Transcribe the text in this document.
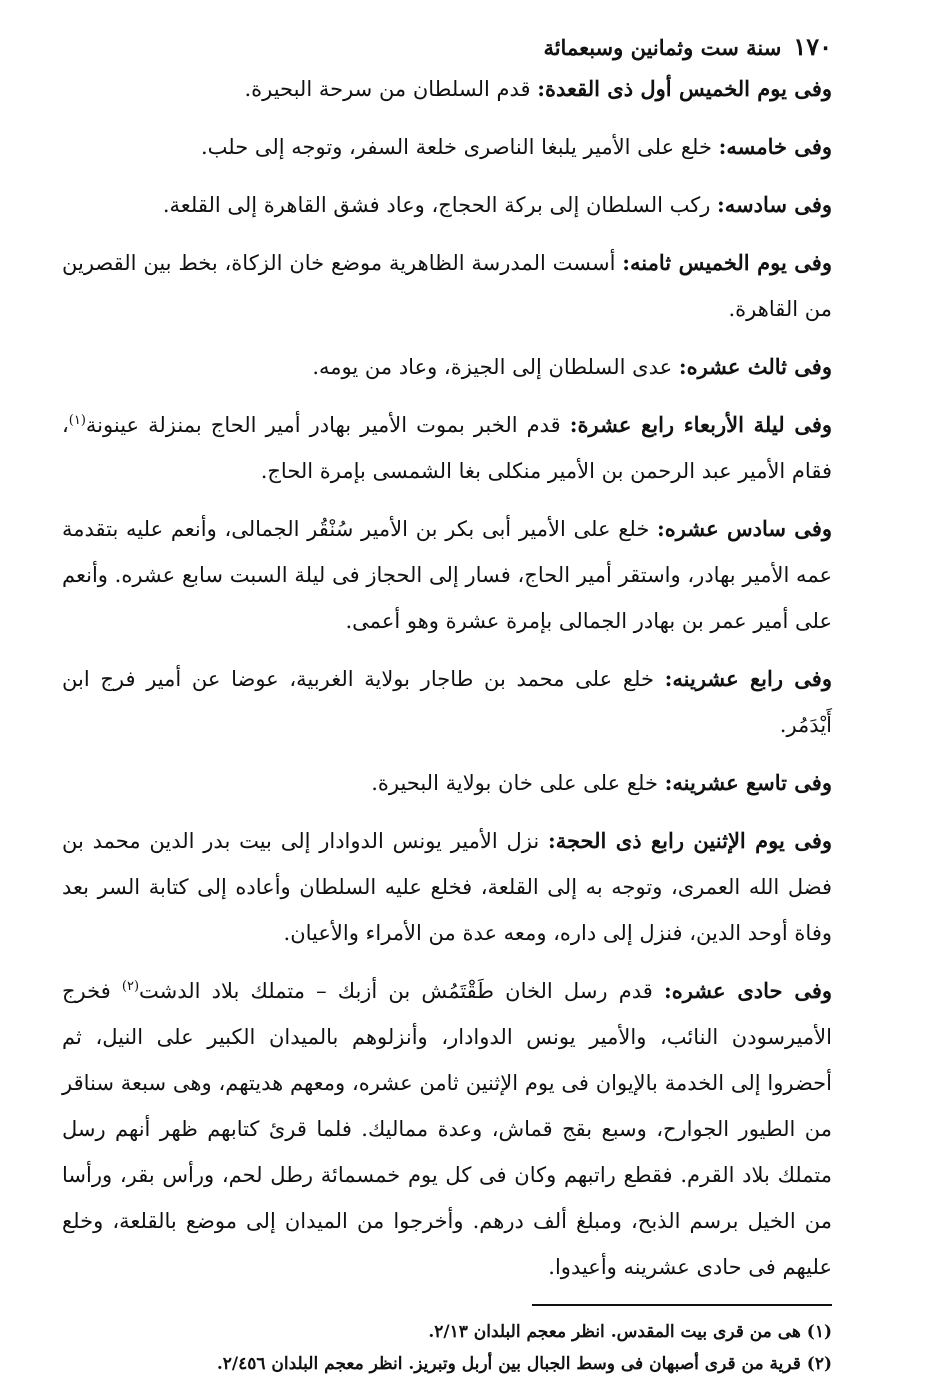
١٧٠
سنة ست وثمانين وسبعمائة

وفى يوم الخميس أول ذى القعدة: قدم السلطان من سرحة البحيرة.

وفى خامسه: خلع على الأمير يلبغا الناصرى خلعة السفر، وتوجه إلى حلب.

وفى سادسه: ركب السلطان إلى بركة الحجاج، وعاد فشق القاهرة إلى القلعة.

وفى يوم الخميس ثامنه: أسست المدرسة الظاهرية موضع خان الزكاة، بخط بين القصرين من القاهرة.

وفى ثالث عشره: عدى السلطان إلى الجيزة، وعاد من يومه.

وفى ليلة الأربعاء رابع عشرة: قدم الخبر بموت الأمير بهادر أمير الحاج بمنزلة عينونة$^{(١)}$، فقام الأمير عبد الرحمن بن الأمير منكلى بغا الشمسى بإمرة الحاج.

وفى سادس عشره: خلع على الأمير أبى بكر بن الأمير سُنْقُر الجمالى، وأنعم عليه بتقدمة عمه الأمير بهادر، واستقر أمير الحاج، فسار إلى الحجاز فى ليلة السبت سابع عشره. وأنعم على أمير عمر بن بهادر الجمالى بإمرة عشرة وهو أعمى.

وفى رابع عشرينه: خلع على محمد بن طاجار بولاية الغربية، عوضا عن أمير فرج ابن أَيْدَمُر.

وفى تاسع عشرينه: خلع على على خان بولاية البحيرة.

وفى يوم الإثنين رابع ذى الحجة: نزل الأمير يونس الدوادار إلى بيت بدر الدين محمد بن فضل الله العمرى، وتوجه به إلى القلعة، فخلع عليه السلطان وأعاده إلى كتابة السر بعد وفاة أوحد الدين، فنزل إلى داره، ومعه عدة من الأمراء والأعيان.

وفى حادى عشره: قدم رسل الخان طَقْتَمُش بن أزبك – متملك بلاد الدشت$^{(٢)}$ فخرج الأميرسودن النائب، والأمير يونس الدوادار، وأنزلوهم بالميدان الكبير على النيل، ثم أحضروا إلى الخدمة بالإيوان فى يوم الإثنين ثامن عشره، ومعهم هديتهم، وهى سبعة سناقر من الطيور الجوارح، وسبع بقج قماش، وعدة مماليك. فلما قرئ كتابهم ظهر أنهم رسل متملك بلاد القرم. فقطع راتبهم وكان فى كل يوم خمسمائة رطل لحم، ورأس بقر، ورأسا من الخيل برسم الذبح، ومبلغ ألف درهم. وأخرجوا من الميدان إلى موضع بالقلعة، وخلع عليهم فى حادى عشرينه وأعيدوا.

(١) هى من قرى بيت المقدس. انظر معجم البلدان ٢/١٣.
(٢) قرية من قرى أصبهان فى وسط الجبال بين أربل وتبريز. انظر معجم البلدان ٢/٤٥٦.
